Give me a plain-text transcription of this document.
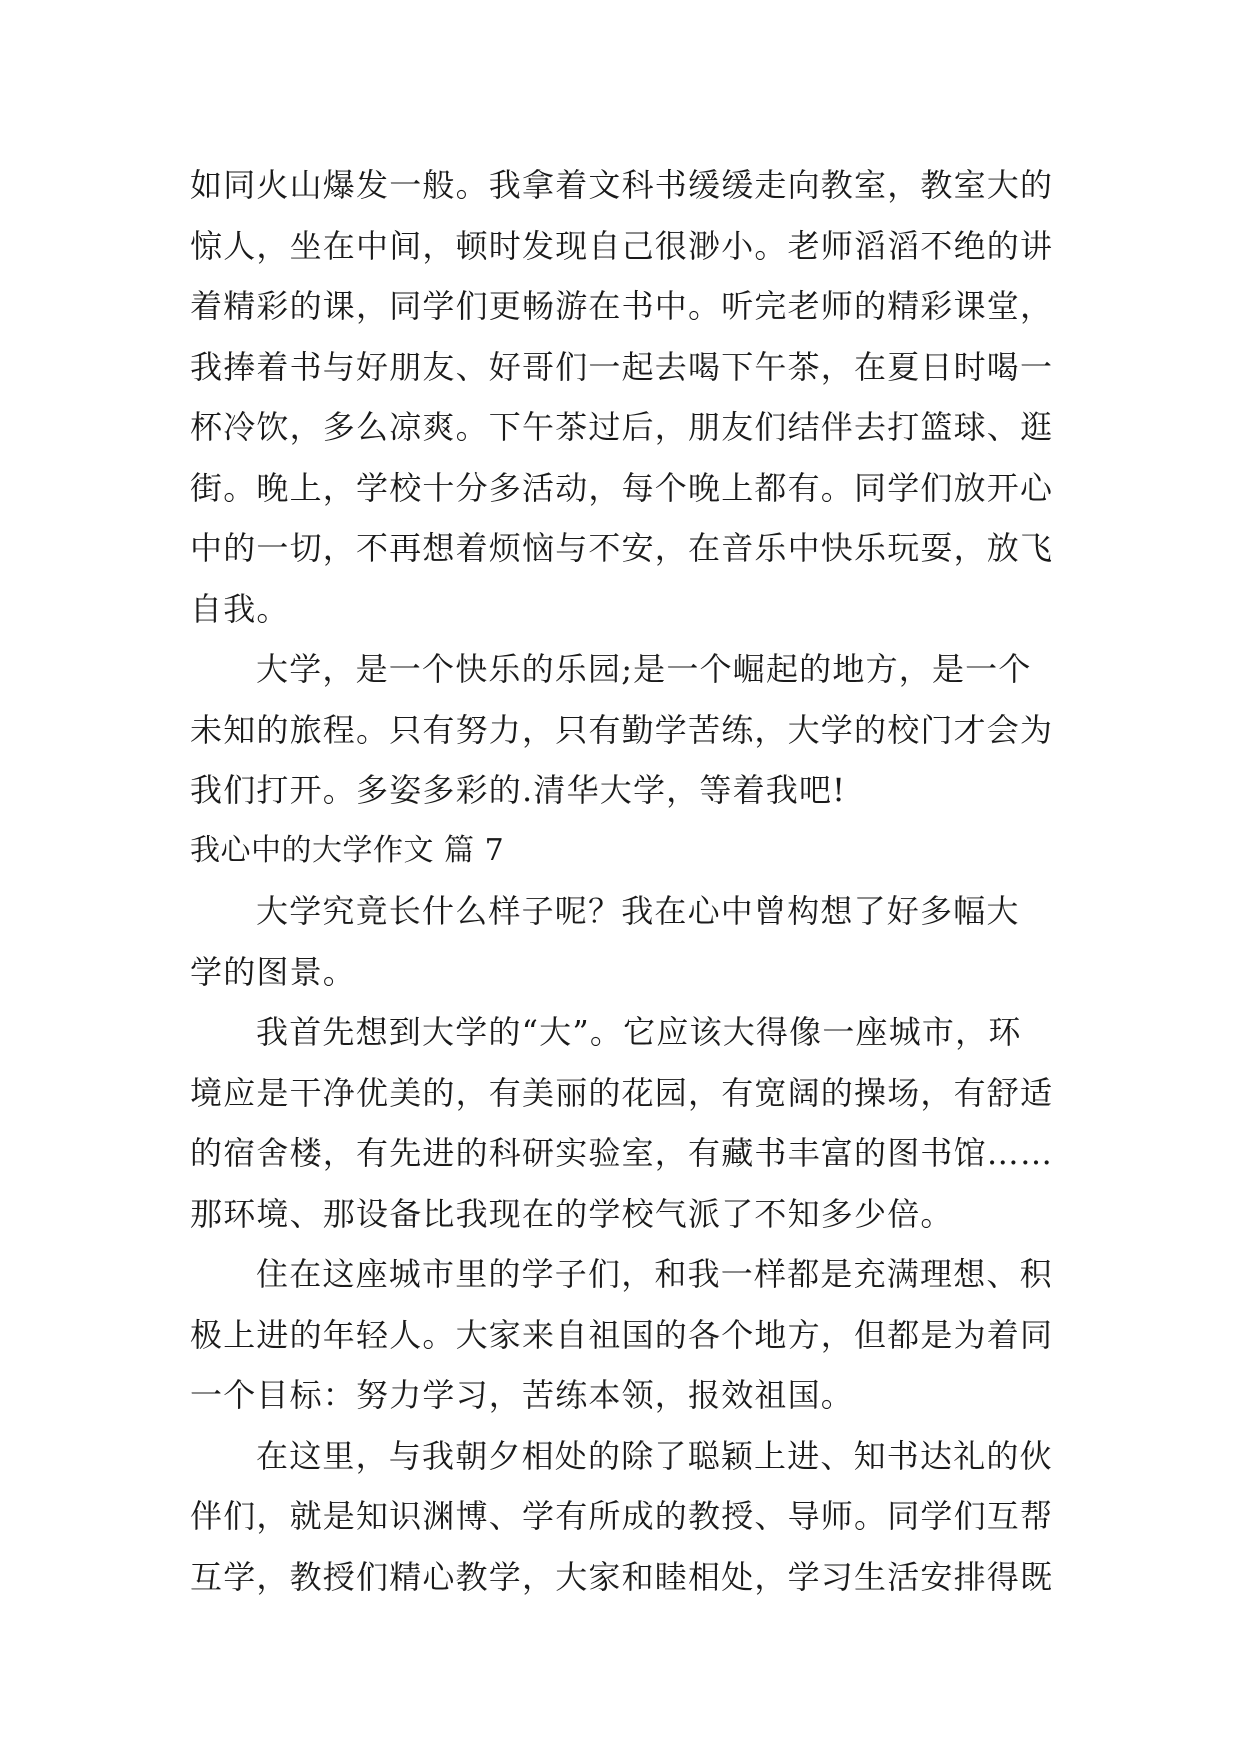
如同火山爆发一般。我拿着文科书缓缓走向教室，教室大的
惊人，坐在中间，顿时发现自己很渺小。老师滔滔不绝的讲
着精彩的课，同学们更畅游在书中。听完老师的精彩课堂，
我捧着书与好朋友、好哥们一起去喝下午茶，在夏日时喝一
杯冷饮，多么凉爽。下午茶过后，朋友们结伴去打篮球、逛
街。晚上，学校十分多活动，每个晚上都有。同学们放开心
中的一切，不再想着烦恼与不安，在音乐中快乐玩耍，放飞
自我。
大学，是一个快乐的乐园;是一个崛起的地方，是一个
未知的旅程。只有努力，只有勤学苦练，大学的校门才会为
我们打开。多姿多彩的.清华大学，等着我吧!
我心中的大学作文 篇 7
大学究竟长什么样子呢？我在心中曾构想了好多幅大
学的图景。
我首先想到大学的“大”。它应该大得像一座城市，环
境应是干净优美的，有美丽的花园，有宽阔的操场，有舒适
的宿舍楼，有先进的科研实验室，有藏书丰富的图书馆……
那环境、那设备比我现在的学校气派了不知多少倍。
住在这座城市里的学子们，和我一样都是充满理想、积
极上进的年轻人。大家来自祖国的各个地方，但都是为着同
一个目标：努力学习，苦练本领，报效祖国。
在这里，与我朝夕相处的除了聪颖上进、知书达礼的伙
伴们，就是知识渊博、学有所成的教授、导师。同学们互帮
互学，教授们精心教学，大家和睦相处，学习生活安排得既
